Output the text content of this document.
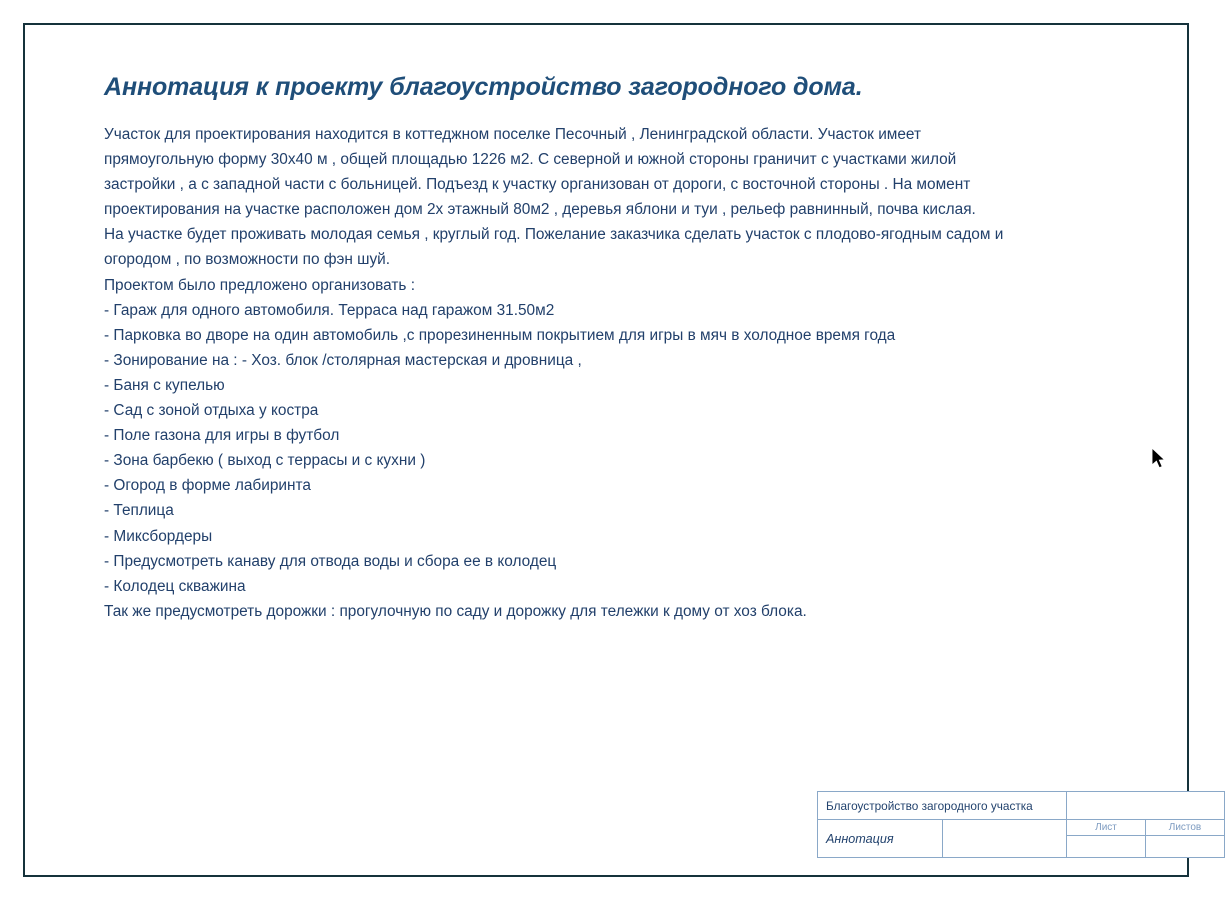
Аннотация к проекту благоустройство загородного дома.
Участок для проектирования находится в коттеджном поселке Песочный , Ленинградской области. Участок имеет
прямоугольную форму 30х40 м , общей площадью 1226 м2. С северной и южной стороны граничит с участками жилой
застройки , а с западной части с больницей. Подъезд к участку организован от дороги, с восточной стороны . На момент
проектирования на участке расположен дом 2х этажный 80м2 , деревья яблони и туи , рельеф равнинный, почва кислая.
На участке будет проживать молодая семья , круглый год. Пожелание заказчика сделать участок с плодово-ягодным садом и
огородом , по возможности по фэн шуй.
Проектом было предложено организовать :
- Гараж для одного автомобиля. Терраса над гаражом 31.50м2
- Парковка во дворе на один автомобиль ,с прорезиненным покрытием для игры в мяч в холодное время года
- Зонирование на : - Хоз. блок /столярная мастерская и дровница ,
- Баня с купелью
- Сад с зоной отдыха у костра
- Поле газона для игры в футбол
- Зона барбекю ( выход с террасы и с кухни )
- Огород в форме лабиринта
- Теплица
- Миксбордеры
- Предусмотреть канаву для отвода воды и сбора ее в колодец
- Колодец скважина
Так же предусмотреть дорожки : прогулочную по саду и дорожку для тележки к дому от хоз блока.
Благоустройство загородного участка			
Аннотация		Лист	Листов
